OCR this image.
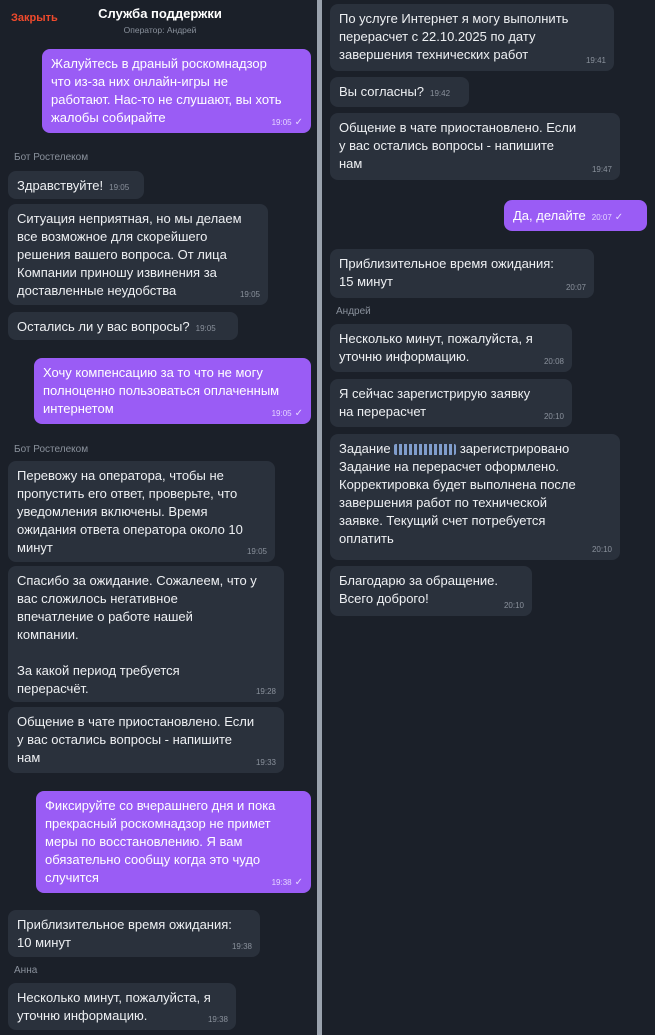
Закрыть	Служба поддержки
Оператор: Андрей
Жалуйтесь в драный роскомнадзор
что из-за них онлайн-игры не
работают. Нас-то не слушают, вы хоть
жалобы собирайте	19:05 ✓
Бот Ростелеком
Здравствуйте! 19:05
Ситуация неприятная, но мы делаем
все возможное для скорейшего
решения вашего вопроса. От лица
Компании приношу извинения за
доставленные неудобства	19:05
Остались ли у вас вопросы? 19:05
Хочу компенсацию за то что не могу
полноценно пользоваться оплаченным
интернетом	19:05 ✓
Бот Ростелеком
Перевожу на оператора, чтобы не
пропустить его ответ, проверьте, что
уведомления включены. Время
ожидания ответа оператора около 10
минут	19:05
Спасибо за ожидание. Сожалеем, что у
вас сложилось негативное
впечатление о работе нашей
компании.

За какой период требуется
перерасчёт.	19:28
Общение в чате приостановлено. Если
у вас остались вопросы - напишите
нам	19:33
Фиксируйте со вчерашнего дня и пока
прекрасный роскомнадзор не примет
меры по восстановлению. Я вам
обязательно сообщу когда это чудо
случится	19:38 ✓
Приблизительное время ожидания:
10 минут	19:38
Анна
Несколько минут, пожалуйста, я
уточню информацию.	19:38
По услуге Интернет я могу выполнить
перерасчет с 22.10.2025 по дату
завершения технических работ	19:41
Вы согласны? 19:42
Общение в чате приостановлено. Если
у вас остались вопросы - напишите
нам	19:47
Да, делайте 20:07 ✓
Приблизительное время ожидания:
15 минут	20:07
Андрей
Несколько минут, пожалуйста, я
уточню информацию.	20:08
Я сейчас зарегистрирую заявку
на перерасчет	20:10
Задание	зарегистрировано
Задание на перерасчет оформлено.
Корректировка будет выполнена после
завершения работ по технической
заявке. Текущий счет потребуется
оплатить
20:10
Благодарю за обращение.
Всего доброго!	20:10
